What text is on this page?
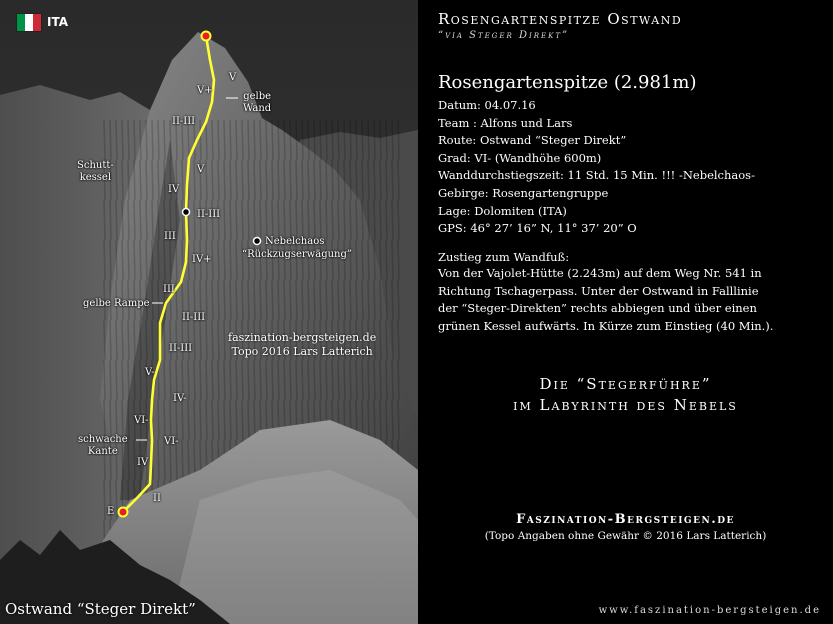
ITA
gelbe
Wand
Schutt-
kessel
Nebelchaos
“Rückzugserwägung”
gelbe Rampe
schwache
Kante
E
V
V+
II-III
V
IV
II-III
III
IV+
III
II-III
II-III
V-
IV-
VI-
VI-
IV
II
faszination-bergsteigen.de
Topo 2016 Lars Latterich
Ostwand “Steger Direkt”
Rosengartenspitze Ostwand
“via Steger Direkt”
Rosengartenspitze (2.981m)
Datum: 04.07.16
Team : Alfons und Lars
Route: Ostwand “Steger Direkt”
Grad: VI- (Wandhöhe 600m)
Wanddurchstiegszeit: 11 Std. 15 Min. !!! -Nebelchaos-
Gebirge: Rosengartengruppe
Lage: Dolomiten (ITA)
GPS: 46° 27’ 16” N, 11° 37’ 20” O
Zustieg zum Wandfuß:
Von der Vajolet-Hütte (2.243m) auf dem Weg Nr. 541 in
Richtung Tschagerpass. Unter der Ostwand in Falllinie
der “Steger-Direkten” rechts abbiegen und über einen
grünen Kessel aufwärts. In Kürze zum Einstieg (40 Min.).
Die “Stegerführe”
im Labyrinth des Nebels
Faszination-Bergsteigen.de
(Topo Angaben ohne Gewähr © 2016 Lars Latterich)
www.faszination-bergsteigen.de
